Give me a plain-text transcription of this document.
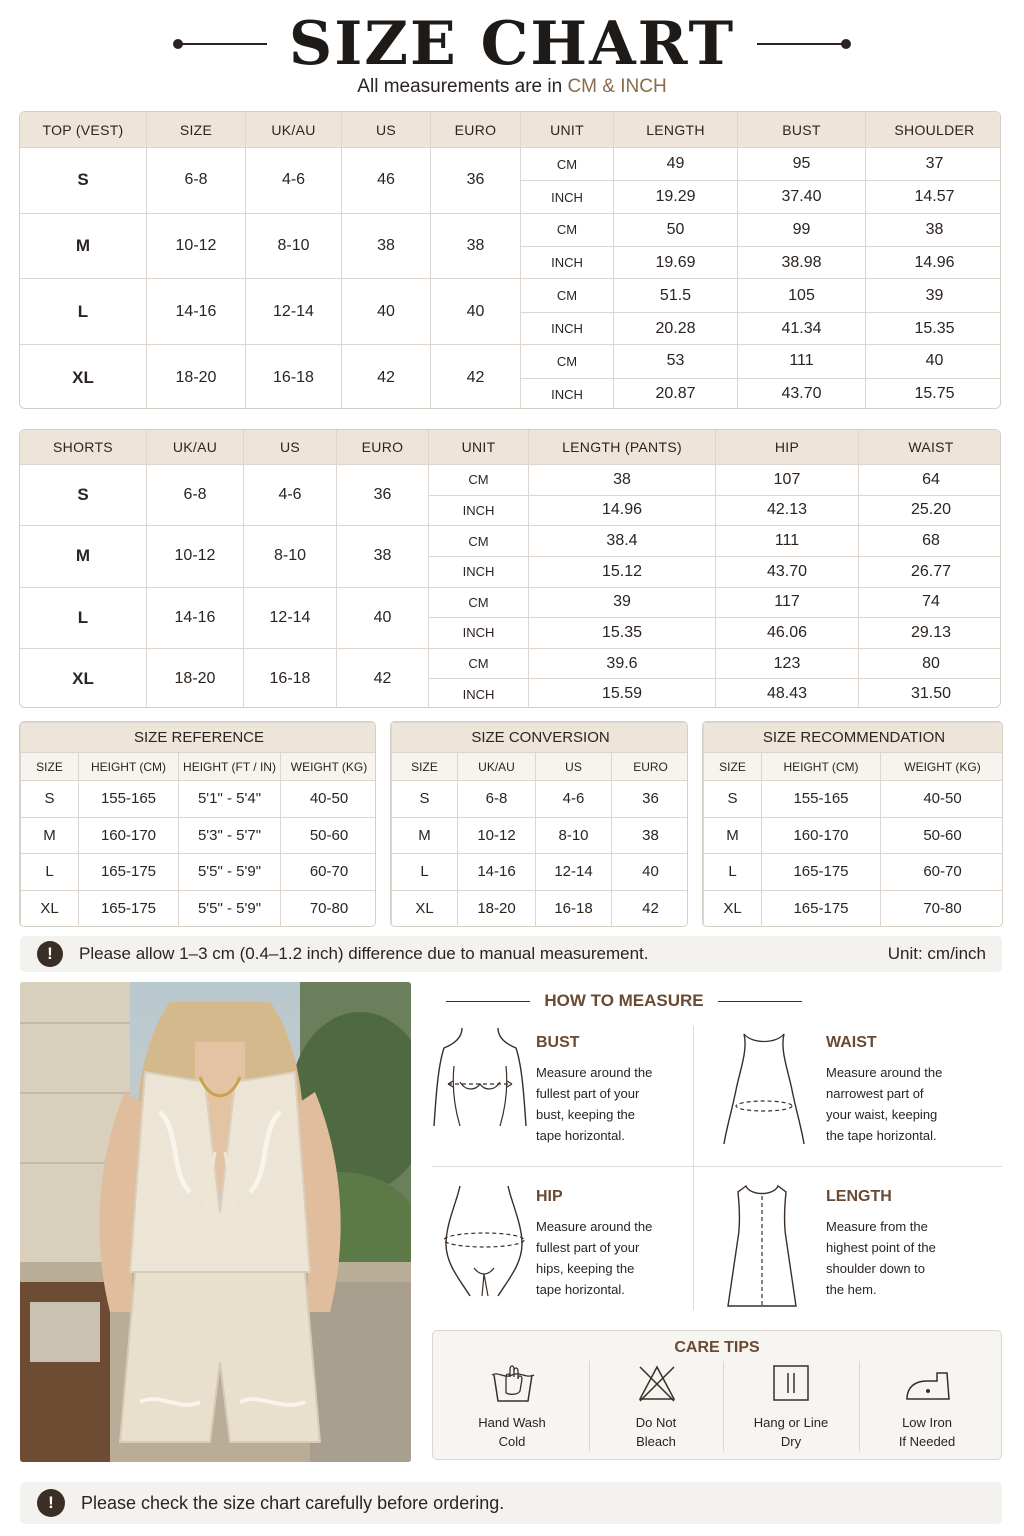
SIZE CHART
All measurements are in CM & INCH
TOP (VEST)	SIZE	UK/AU	US	EURO	UNIT	LENGTH	BUST	SHOULDER
S	6-8	4-6	46	36	CM	49	95	37
					INCH	19.29	37.40	14.57
M	10-12	8-10	38	38	CM	50	99	38
					INCH	19.69	38.98	14.96
L	14-16	12-14	40	40	CM	51.5	105	39
					INCH	20.28	41.34	15.35
XL	18-20	16-18	42	42	CM	53	111	40
					INCH	20.87	43.70	15.75
SHORTS	UK/AU	US	EURO	UNIT	LENGTH (PANTS)	HIP	WAIST
S	6-8	4-6	36	CM	38	107	64
				INCH	14.96	42.13	25.20
M	10-12	8-10	38	CM	38.4	111	68
				INCH	15.12	43.70	26.77
L	14-16	12-14	40	CM	39	117	74
				INCH	15.35	46.06	29.13
XL	18-20	16-18	42	CM	39.6	123	80
				INCH	15.59	48.43	31.50
SIZE REFERENCE			
SIZE	HEIGHT (CM)	HEIGHT (FT / IN)	WEIGHT (KG)
S	155-165	5'1" - 5'4"	40-50
M	160-170	5'3" - 5'7"	50-60
L	165-175	5'5" - 5'9"	60-70
XL	165-175	5'5" - 5'9"	70-80
SIZE CONVERSION			
SIZE	UK/AU	US	EURO
S	6-8	4-6	36
M	10-12	8-10	38
L	14-16	12-14	40
XL	18-20	16-18	42
SIZE RECOMMENDATION		
SIZE	HEIGHT (CM)	WEIGHT (KG)
S	155-165	40-50
M	160-170	50-60
L	165-175	60-70
XL	165-175	70-80
!	Please allow 1–3 cm (0.4–1.2 inch) difference due to manual measurement.	Unit: cm/inch
HOW TO MEASURE
BUST
Measure around the
fullest part of your
bust, keeping the
tape horizontal.
WAIST
Measure around the
narrowest part of
your waist, keeping
the tape horizontal.
HIP
Measure around the
fullest part of your
hips, keeping the
tape horizontal.
LENGTH
Measure from the
highest point of the
shoulder down to
the hem.
CARE TIPS
Hand Wash
Cold
Do Not
Bleach
Hang or Line
Dry
Low Iron
If Needed
!	Please check the size chart carefully before ordering.
